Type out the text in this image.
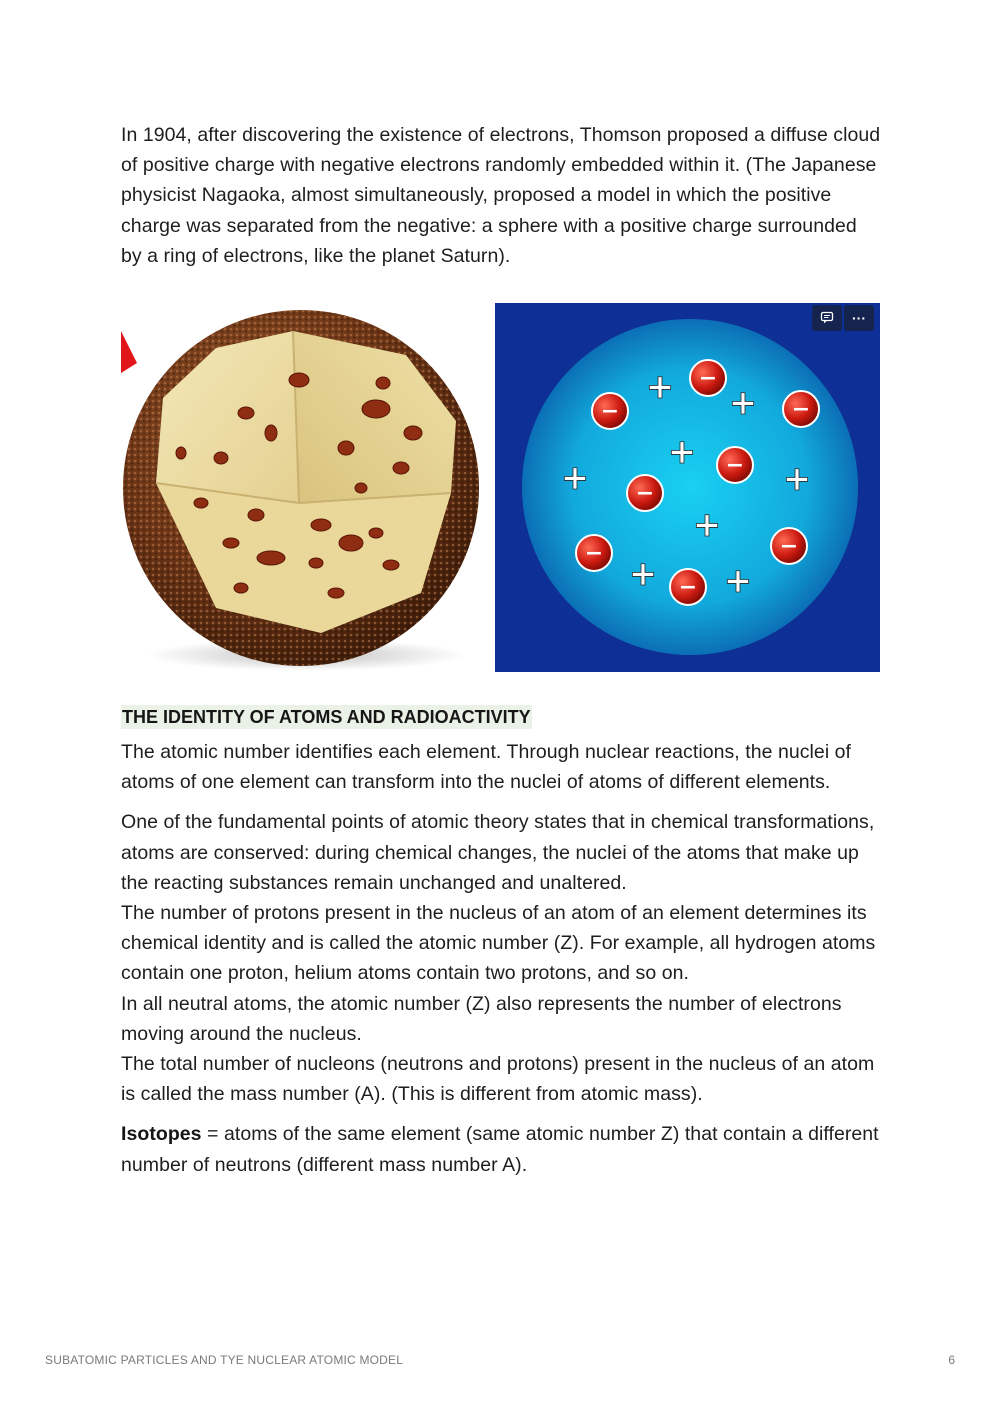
In 1904, after discovering the existence of electrons, Thomson proposed a diffuse cloud of positive charge with negative electrons randomly embedded within it. (The Japanese physicist Nagaoka, almost simultaneously, proposed a model in which the positive charge was separated from the negative: a sphere with a positive charge surrounded by a ring of electrons, like the planet Saturn).

−
−	−
−
−
−	−
−
+ +
+
+	+
+
+ +
···
THE IDENTITY OF ATOMS AND RADIOACTIVITY

The atomic number identifies each element. Through nuclear reactions, the nuclei of atoms of one element can transform into the nuclei of atoms of different elements.

One of the fundamental points of atomic theory states that in chemical transformations, atoms are conserved: during chemical changes, the nuclei of the atoms that make up the reacting substances remain unchanged and unaltered.

The number of protons present in the nucleus of an atom of an element determines its chemical identity and is called the atomic number (Z). For example, all hydrogen atoms contain one proton, helium atoms contain two protons, and so on.

In all neutral atoms, the atomic number (Z) also represents the number of electrons moving around the nucleus.

The total number of nucleons (neutrons and protons) present in the nucleus of an atom is called the mass number (A). (This is different from atomic mass).

Isotopes = atoms of the same element (same atomic number Z) that contain a different number of neutrons (different mass number A).

SUBATOMIC PARTICLES AND TYE NUCLEAR ATOMIC MODEL	6
